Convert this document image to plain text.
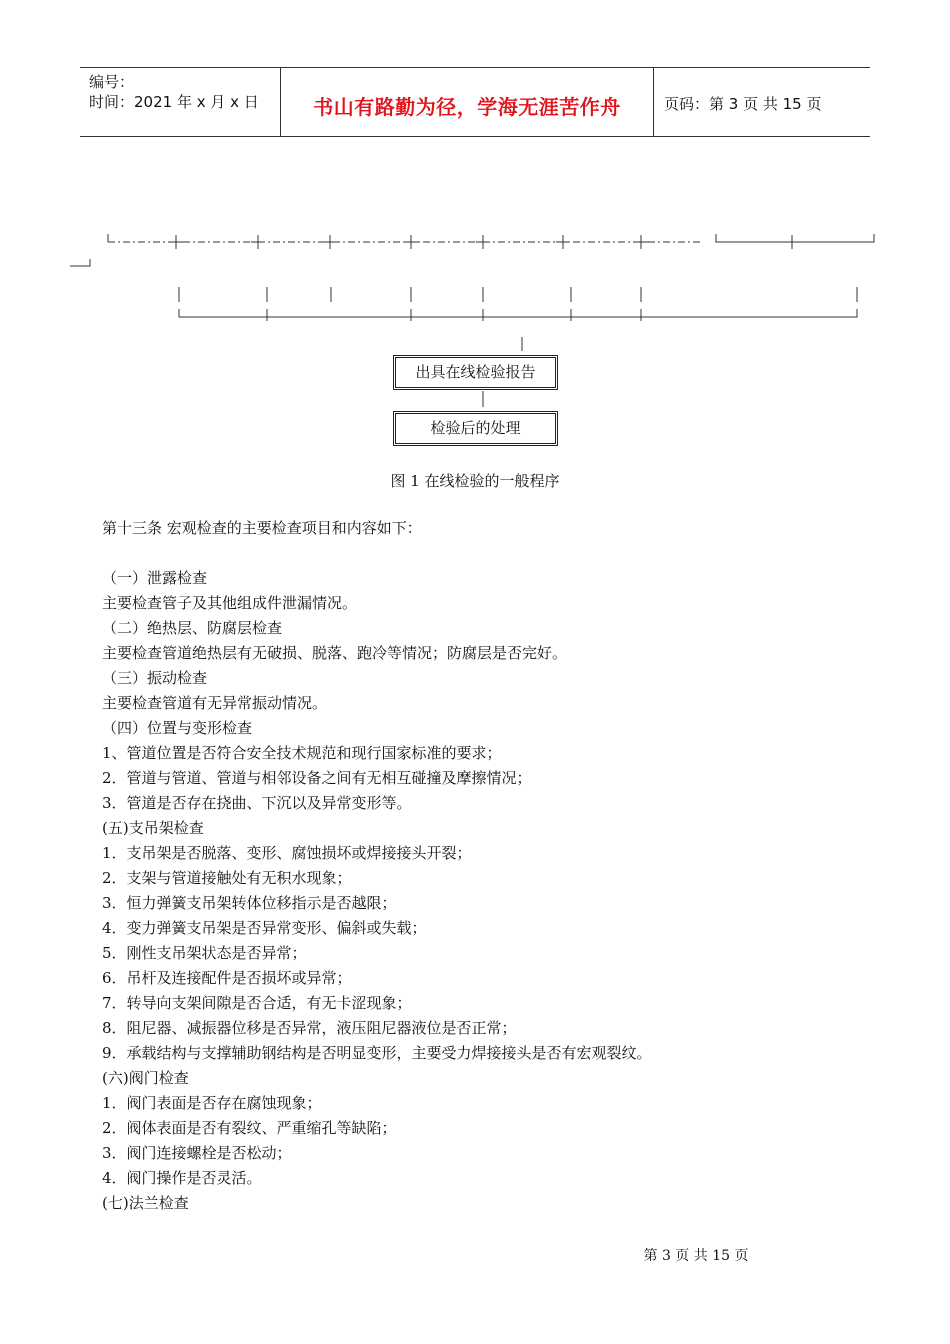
编号：
时间：2021 年 x 月 x 日	书山有路勤为径，学海无涯苦作舟	页码：第 3 页 共 15 页
出具在线检验报告
检验后的处理
图 1 在线检验的一般程序
第十三条 宏观检查的主要检查项目和内容如下：
（一）泄露检查
主要检查管子及其他组成件泄漏情况。
（二）绝热层、防腐层检查
主要检查管道绝热层有无破损、脱落、跑冷等情况；防腐层是否完好。
（三）振动检查
主要检查管道有无异常振动情况。
（四）位置与变形检查
1、管道位置是否符合安全技术规范和现行国家标准的要求；
2．管道与管道、管道与相邻设备之间有无相互碰撞及摩擦情况；
3．管道是否存在挠曲、下沉以及异常变形等。
(五)支吊架检查
1．支吊架是否脱落、变形、腐蚀损坏或焊接接头开裂；
2．支架与管道接触处有无积水现象；
3．恒力弹簧支吊架转体位移指示是否越限；
4．变力弹簧支吊架是否异常变形、偏斜或失载；
5．刚性支吊架状态是否异常；
6．吊杆及连接配件是否损坏或异常；
7．转导向支架间隙是否合适，有无卡涩现象；
8．阻尼器、减振器位移是否异常，液压阻尼器液位是否正常；
9．承载结构与支撑辅助钢结构是否明显变形，主要受力焊接接头是否有宏观裂纹。
(六)阀门检查
1．阀门表面是否存在腐蚀现象；
2．阀体表面是否有裂纹、严重缩孔等缺陷；
3．阀门连接螺栓是否松动；
4．阀门操作是否灵活。
(七)法兰检查
第 3 页 共 15 页
